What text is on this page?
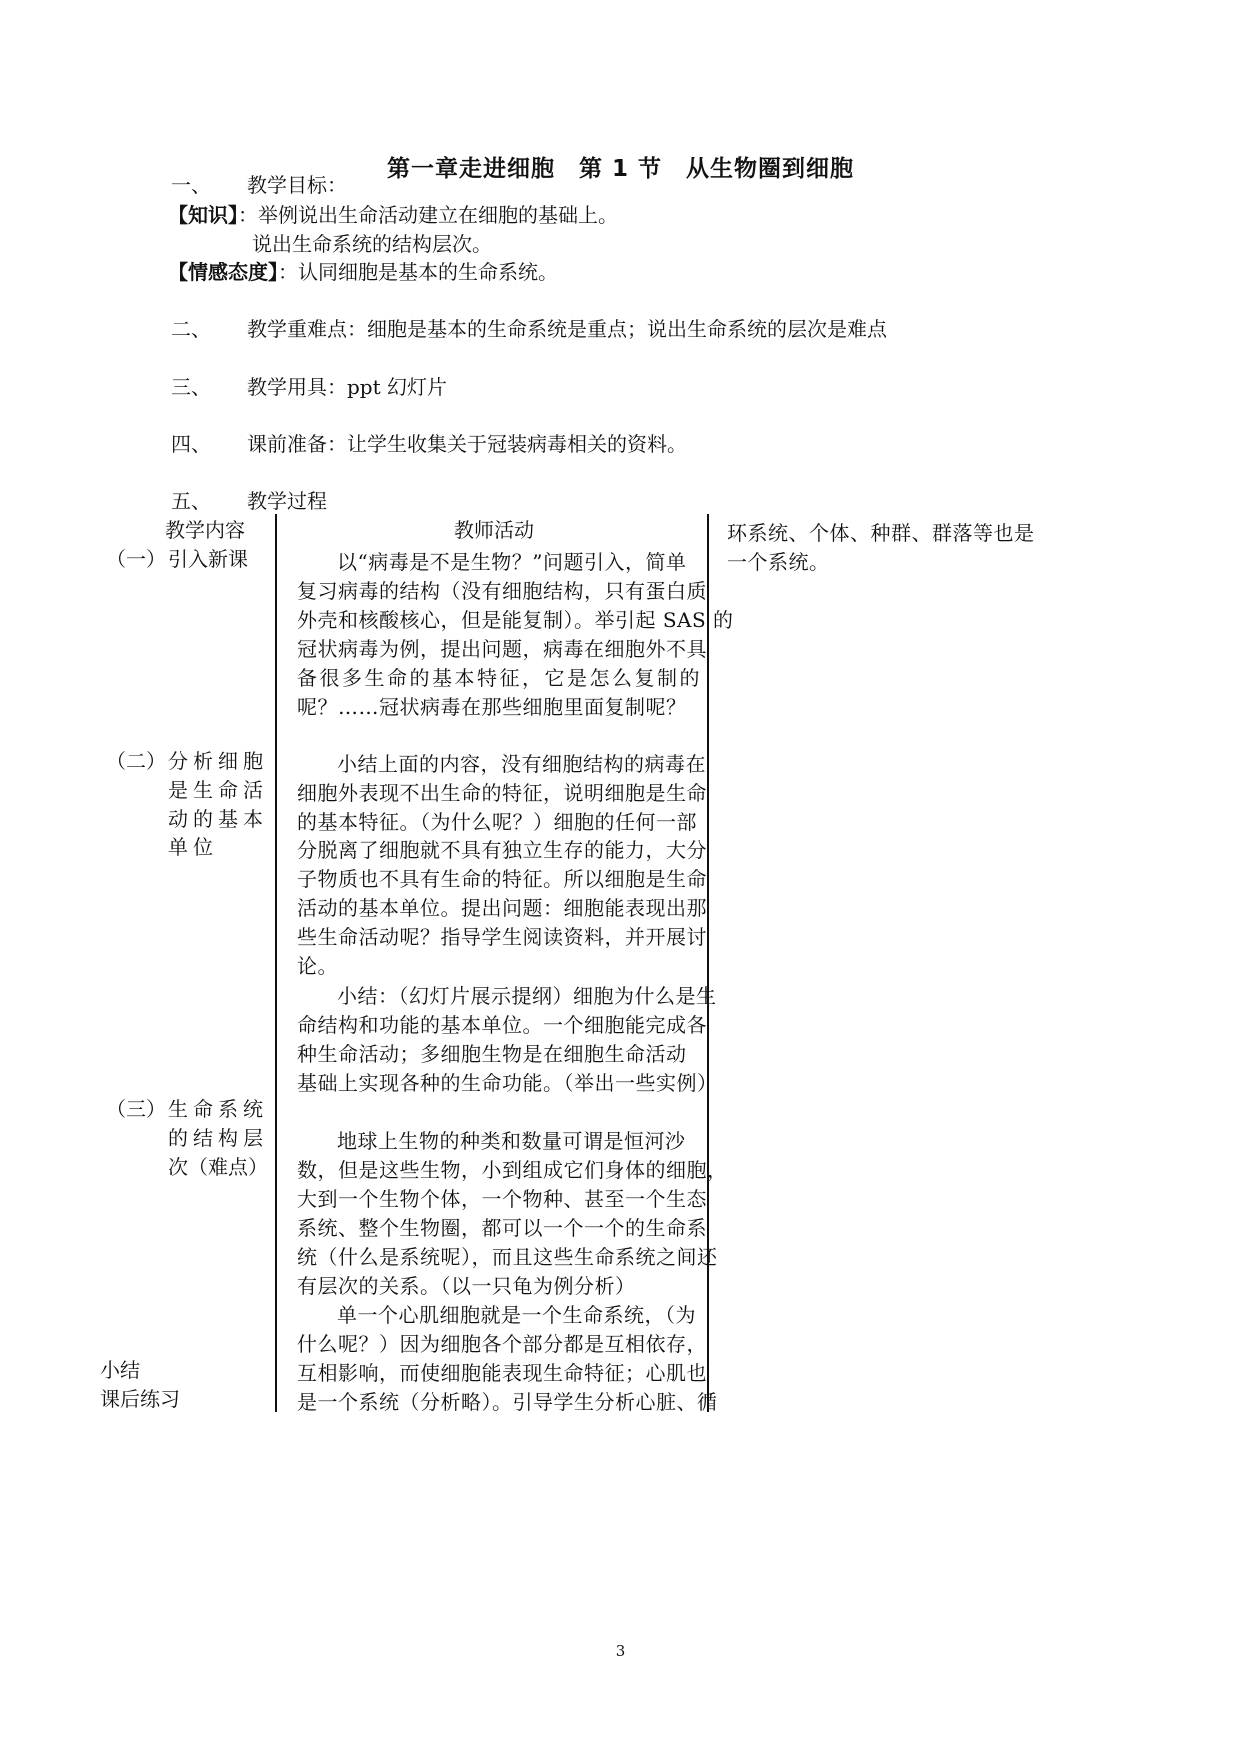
第一章走进细胞　第 1 节　从生物圈到细胞
一、 教学目标：
【知识】：举例说出生命活动建立在细胞的基础上。
说出生命系统的结构层次。
【情感态度】：认同细胞是基本的生命系统。
二、 教学重难点：细胞是基本的生命系统是重点；说出生命系统的层次是难点
三、 教学用具：ppt 幻灯片
四、 课前准备：让学生收集关于冠装病毒相关的资料。
五、 教学过程
教学内容	教师活动
（一） 引入新课
（二） 分析细胞
是生命活
动的基本
单位
（三） 生命系统
的结构层
次（难点）
小结
课后练习
以“病毒是不是生物？”问题引入，简单
复习病毒的结构（没有细胞结构，只有蛋白质
外壳和核酸核心，但是能复制）。举引起 SAS 的
冠状病毒为例，提出问题，病毒在细胞外不具
备很多生命的基本特征，它是怎么复制的
呢？……冠状病毒在那些细胞里面复制呢？
小结上面的内容，没有细胞结构的病毒在
细胞外表现不出生命的特征，说明细胞是生命
的基本特征。（为什么呢？）细胞的任何一部
分脱离了细胞就不具有独立生存的能力，大分
子物质也不具有生命的特征。所以细胞是生命
活动的基本单位。提出问题：细胞能表现出那
些生命活动呢？指导学生阅读资料，并开展讨
论。
小结：（幻灯片展示提纲）细胞为什么是生
命结构和功能的基本单位。一个细胞能完成各
种生命活动；多细胞生物是在细胞生命活动
基础上实现各种的生命功能。（举出一些实例）
地球上生物的种类和数量可谓是恒河沙
数，但是这些生物，小到组成它们身体的细胞，
大到一个生物个体，一个物种、甚至一个生态
系统、整个生物圈，都可以一个一个的生命系
统（什么是系统呢），而且这些生命系统之间还
有层次的关系。（以一只龟为例分析）
单一个心肌细胞就是一个生命系统，（为
什么呢？）因为细胞各个部分都是互相依存，
互相影响，而使细胞能表现生命特征；心肌也
是一个系统（分析略）。引导学生分析心脏、循
环系统、个体、种群、群落等也是
一个系统。
3
